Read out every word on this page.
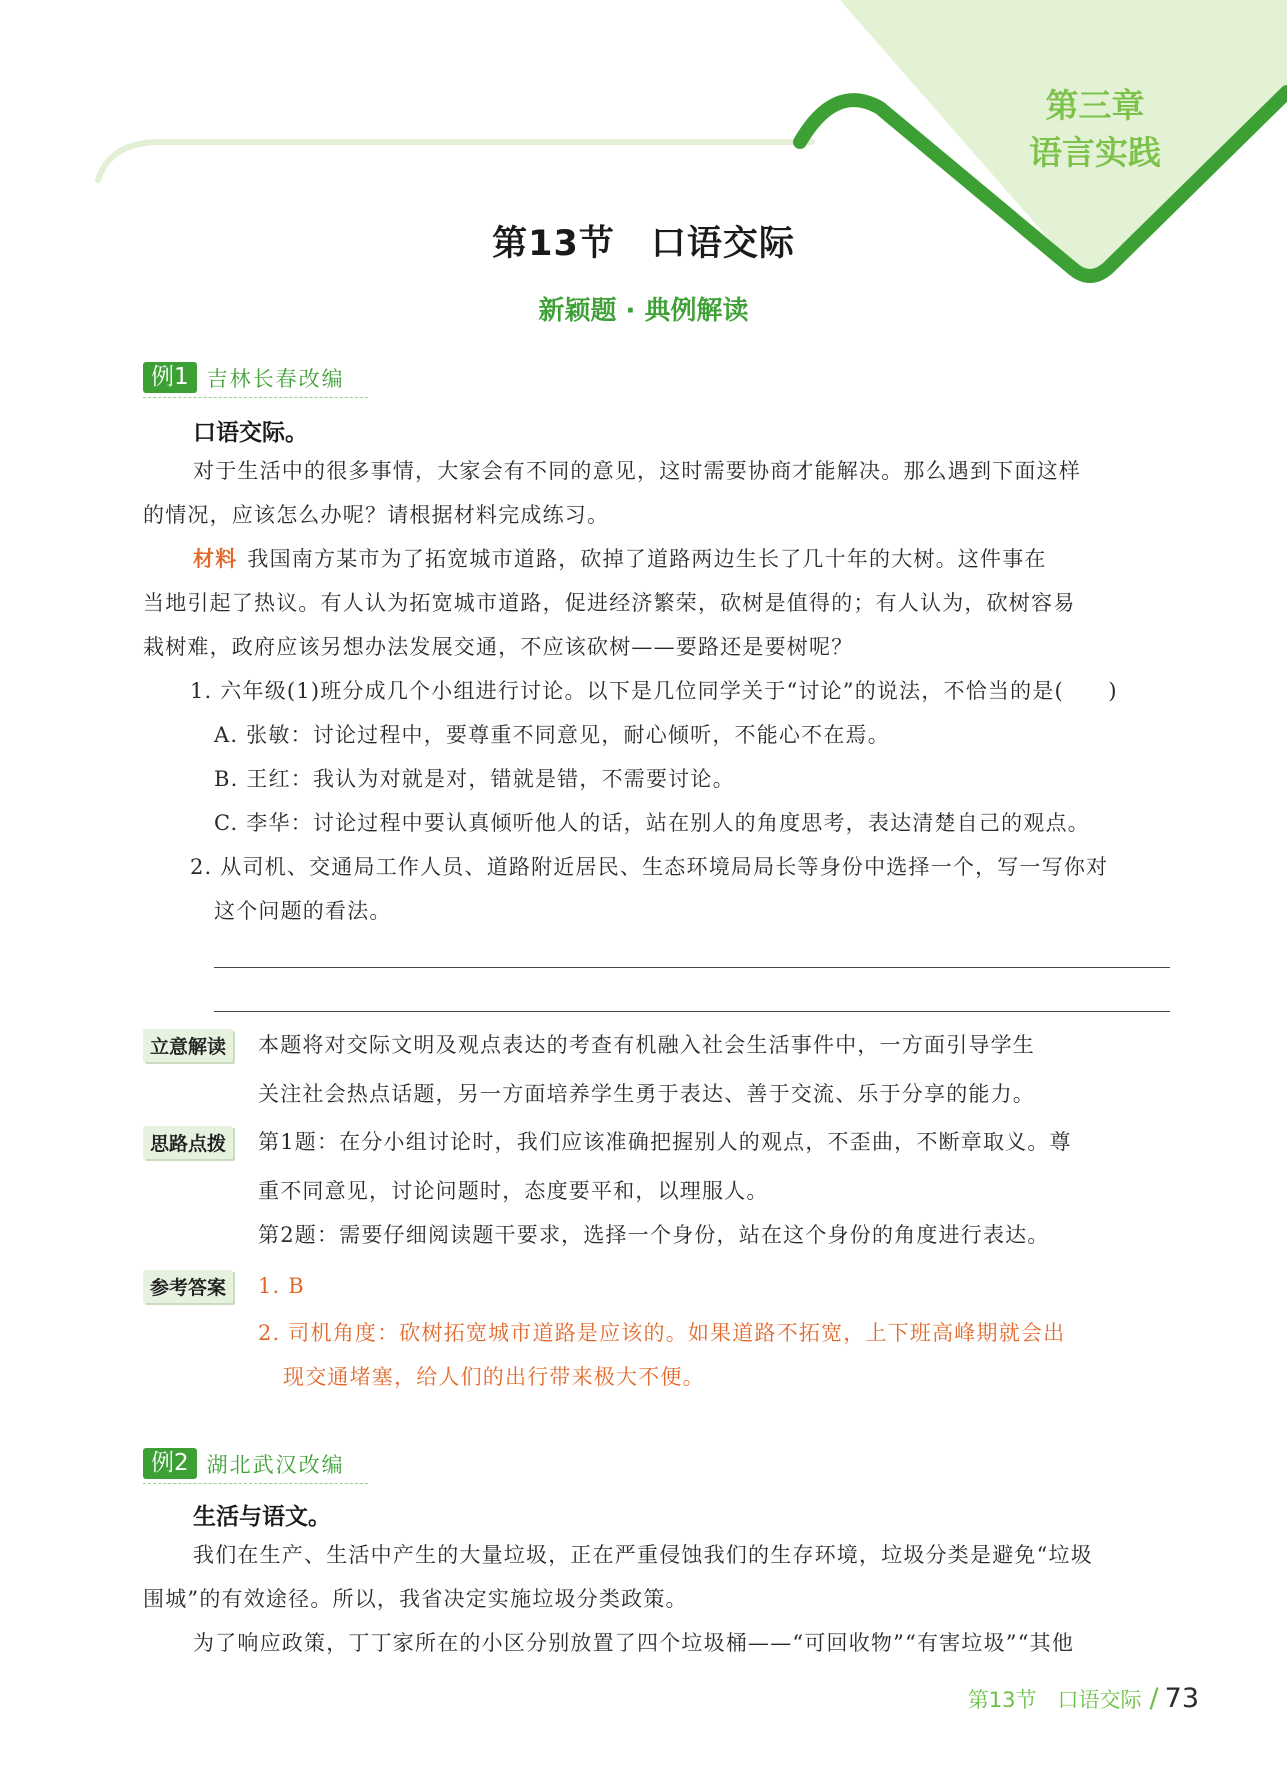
第三章
语言实践
第13节　口语交际
新颖题 · 典例解读
例1 吉林长春改编
口语交际。
对于生活中的很多事情，大家会有不同的意见，这时需要协商才能解决。那么遇到下面这样
的情况，应该怎么办呢？请根据材料完成练习。
材料 我国南方某市为了拓宽城市道路，砍掉了道路两边生长了几十年的大树。这件事在
当地引起了热议。有人认为拓宽城市道路，促进经济繁荣，砍树是值得的；有人认为，砍树容易
栽树难，政府应该另想办法发展交通，不应该砍树——要路还是要树呢？
1. 六年级(1)班分成几个小组进行讨论。以下是几位同学关于“讨论”的说法，不恰当的是(　　)
A. 张敏：讨论过程中，要尊重不同意见，耐心倾听，不能心不在焉。
B. 王红：我认为对就是对，错就是错，不需要讨论。
C. 李华：讨论过程中要认真倾听他人的话，站在别人的角度思考，表达清楚自己的观点。
2. 从司机、交通局工作人员、道路附近居民、生态环境局局长等身份中选择一个，写一写你对
这个问题的看法。
立意解读	本题将对交际文明及观点表达的考查有机融入社会生活事件中，一方面引导学生
关注社会热点话题，另一方面培养学生勇于表达、善于交流、乐于分享的能力。
思路点拨	第1题：在分小组讨论时，我们应该准确把握别人的观点，不歪曲，不断章取义。尊
重不同意见，讨论问题时，态度要平和，以理服人。
第2题：需要仔细阅读题干要求，选择一个身份，站在这个身份的角度进行表达。
参考答案	1. B
2. 司机角度：砍树拓宽城市道路是应该的。如果道路不拓宽，上下班高峰期就会出
现交通堵塞，给人们的出行带来极大不便。
例2 湖北武汉改编
生活与语文。
我们在生产、生活中产生的大量垃圾，正在严重侵蚀我们的生存环境，垃圾分类是避免“垃圾
围城”的有效途径。所以，我省决定实施垃圾分类政策。
为了响应政策，丁丁家所在的小区分别放置了四个垃圾桶——“可回收物”“有害垃圾”“其他
第13节　口语交际 / 73
